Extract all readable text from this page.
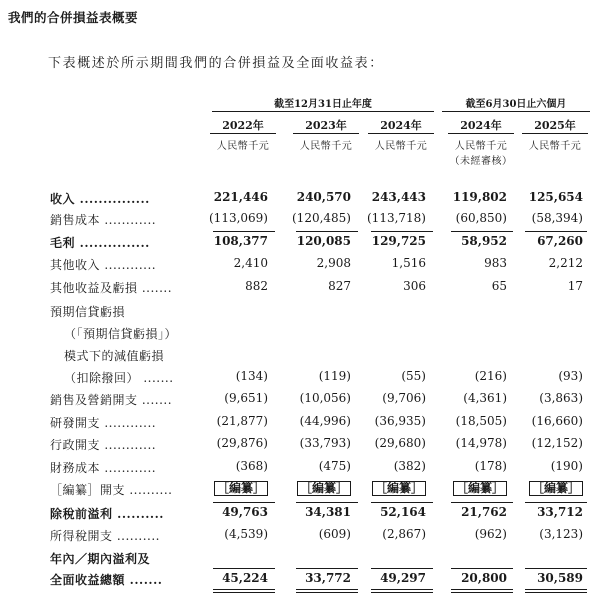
我們的合併損益表概要
下表概述於所示期間我們的合併損益及全面收益表：
截至12月31日止年度	截至6月30日止六個月
2022年
人民幣千元
2023年
人民幣千元
2024年
人民幣千元
2024年
人民幣千元
（未經審核）
2025年
人民幣千元
收入 ...............	221,446 240,570 243,443 119,802 125,654
銷售成本 ............	(113,069) (120,485) (113,718) (60,850) (58,394)
毛利 ...............	108,377 120,085 129,725	58,952	67,260
其他收入 ............	2,410	2,908	1,516	983	2,212
其他收益及虧損 .......	882	827	306	65	17
預期信貸虧損
（「預期信貸虧損」）
模式下的減值虧損
（扣除撥回） .......	(134)	(119)	(55)	(216)	(93)
銷售及營銷開支 .......	(9,651)	(10,056)	(9,706)	(4,361)	(3,863)
研發開支 ............	(21,877)	(44,996) (36,935) (18,505) (16,660)
行政開支 ............	(29,876)	(33,793) (29,680) (14,978) (12,152)
財務成本 ............	(368)	(475)	(382)	(178)	(190)
［編纂］開支 ..........	［編纂］	［編纂］ ［編纂］	［編纂］ ［編纂］
除稅前溢利 ..........	49,763	34,381 52,164	21,762	33,712
所得稅開支 ..........	(4,539)	(609)	(2,867)	(962)	(3,123)
年內／期內溢利及
全面收益總額 .......	45,224	33,772 49,297	20,800	30,589
